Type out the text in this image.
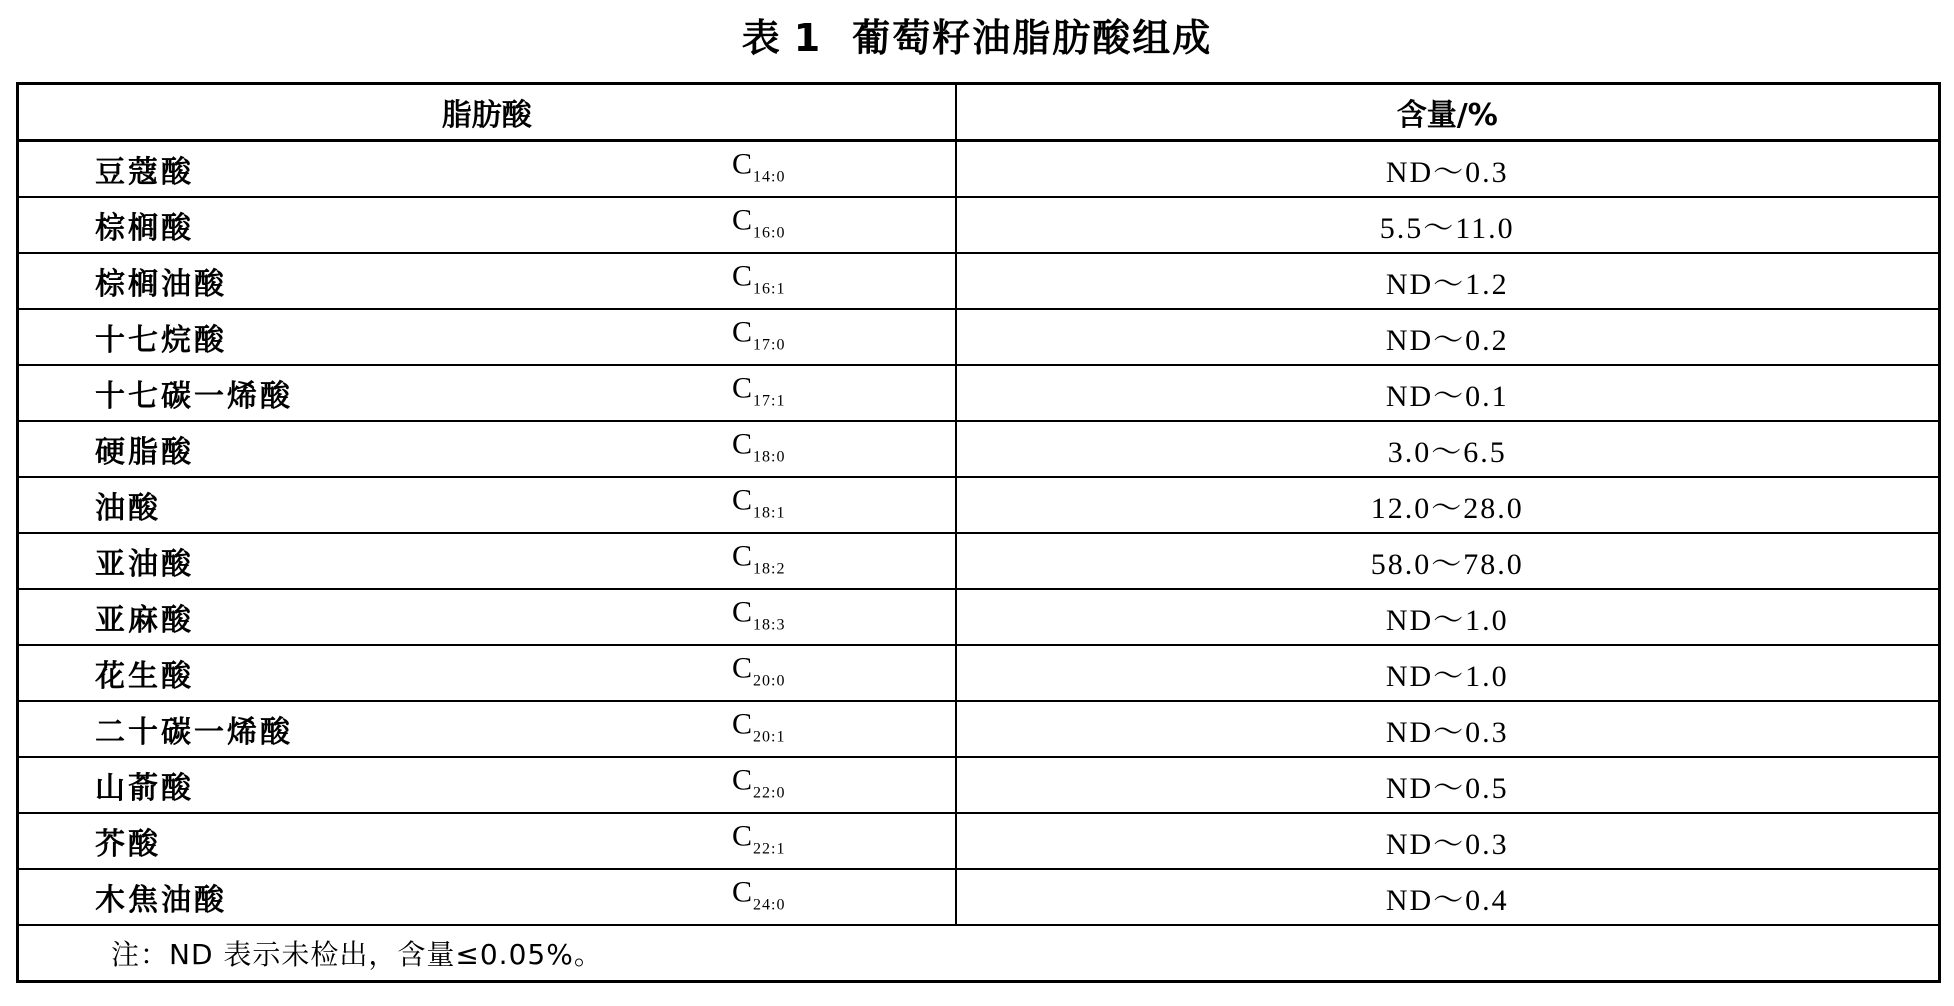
表 1 葡萄籽油脂肪酸组成
脂肪酸	含量/%

豆蔻酸 $C_{14:0}$	ND～0.3

棕榈酸 $C_{16:0}$	5.5～11.0

棕榈油酸 $C_{16:1}$	ND～1.2

十七烷酸 $C_{17:0}$	ND～0.2

十七碳一烯酸 $C_{17:1}$	ND～0.1

硬脂酸 $C_{18:0}$	3.0～6.5

油酸 $C_{18:1}$	12.0～28.0

亚油酸 $C_{18:2}$	58.0～78.0

亚麻酸 $C_{18:3}$	ND～1.0

花生酸 $C_{20:0}$	ND～1.0

二十碳一烯酸 $C_{20:1}$	ND～0.3

山萮酸 $C_{22:0}$	ND～0.5

芥酸 $C_{22:1}$	ND～0.3

木焦油酸 $C_{24:0}$	ND～0.4
注：ND 表示未检出，含量≤0.05%。	
